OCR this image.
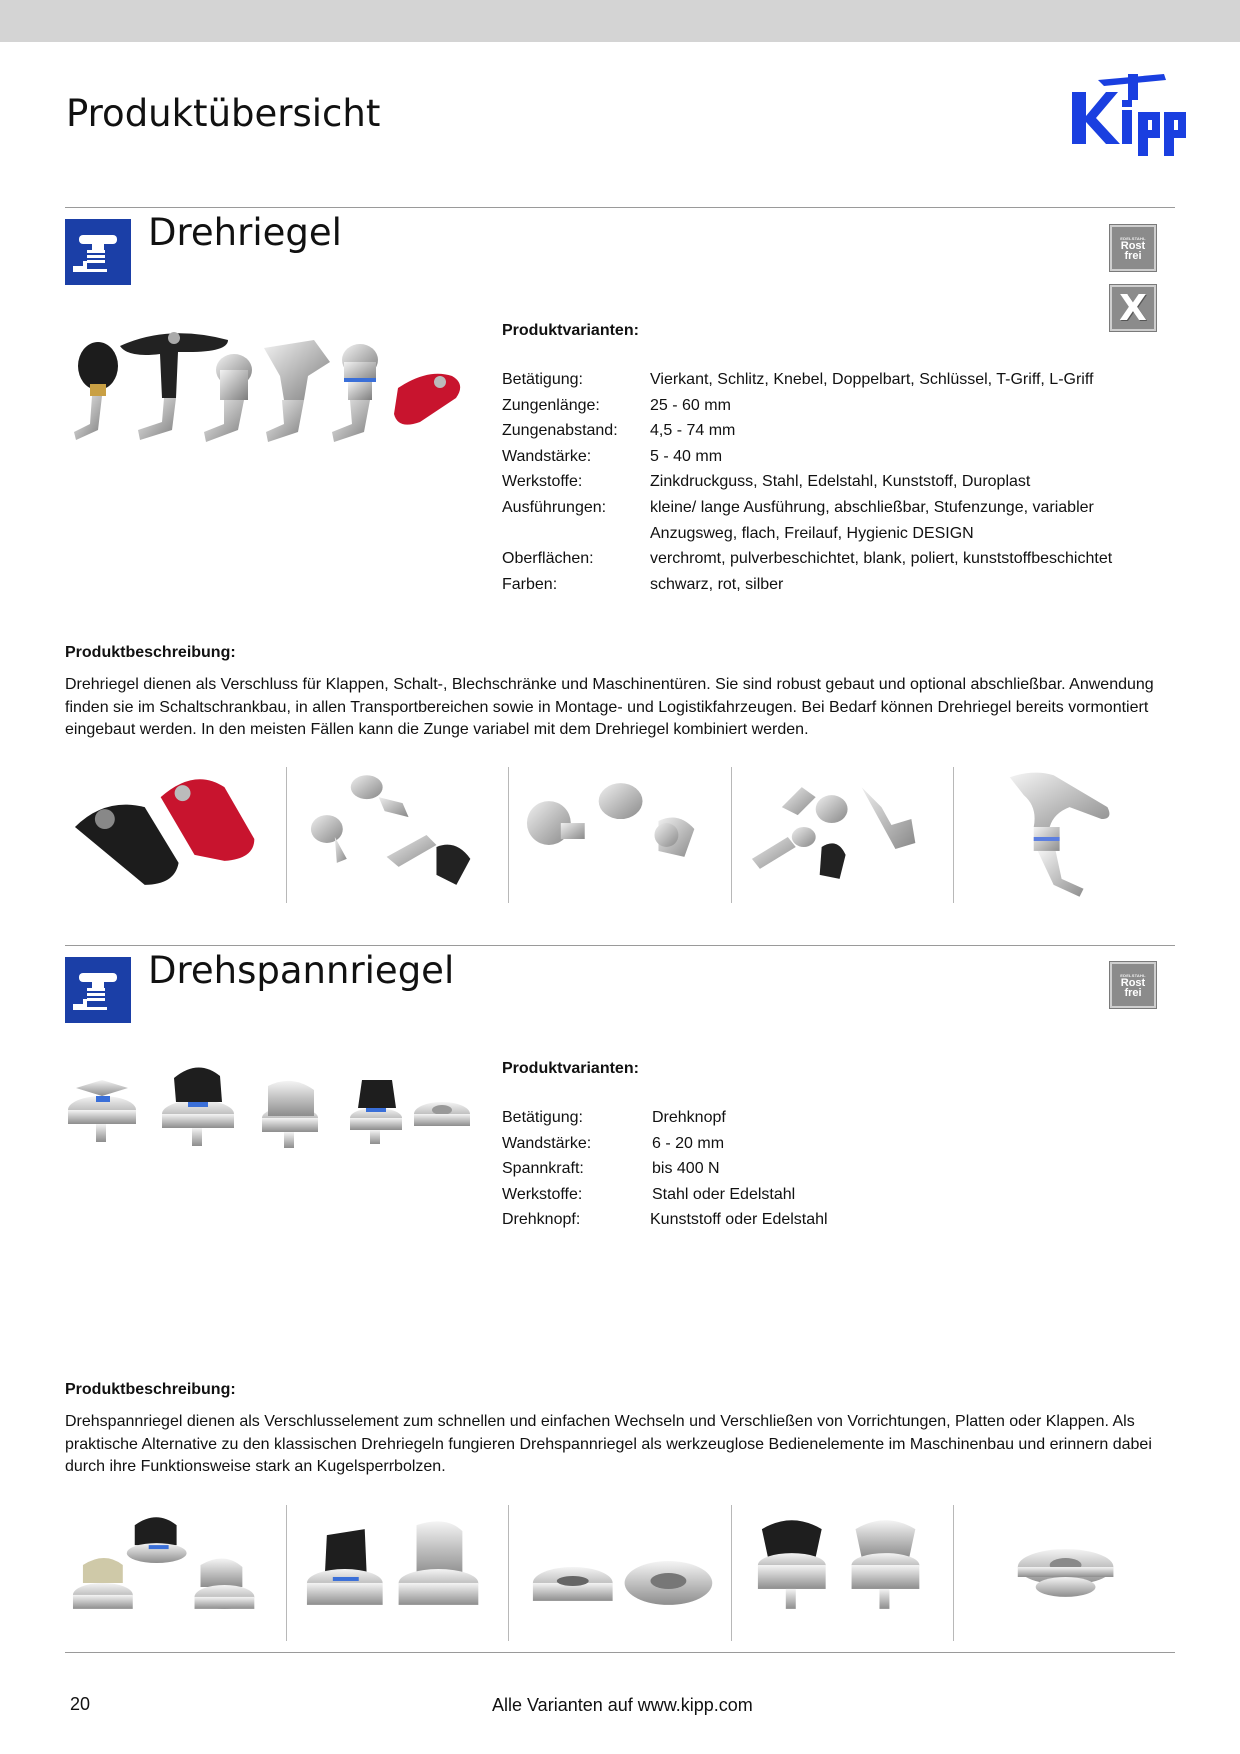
Produktübersicht
Drehriegel	EDELSTAHL
Rost
frei
X
Produktvarianten:
Betätigung:	Vierkant, Schlitz, Knebel, Doppelbart, Schlüssel, T-Griff, L-Griff
Zungenlänge:	25 - 60 mm
Zungenabstand:	4,5 - 74 mm
Wandstärke:	5 - 40 mm
Werkstoffe:	Zinkdruckguss, Stahl, Edelstahl, Kunststoff, Duroplast
Ausführungen:	kleine/ lange Ausführung, abschließbar, Stufenzunge, variabler
Anzugsweg, flach, Freilauf, Hygienic DESIGN
Oberflächen:	verchromt, pulverbeschichtet, blank, poliert, kunststoffbeschichtet
Farben:	schwarz, rot, silber
Produktbeschreibung:

Drehriegel dienen als Verschluss für Klappen, Schalt-, Blechschränke und Maschinentüren. Sie sind robust gebaut und optional abschließbar. Anwendung finden sie im Schaltschrankbau, in allen Transportbereichen sowie in Montage- und Logistikfahrzeugen. Bei Bedarf können Drehriegel bereits vormontiert eingebaut werden. In den meisten Fällen kann die Zunge variabel mit dem Drehriegel kombiniert werden.

Drehspannriegel	EDELSTAHL
Rost
frei
Produktvarianten:
Betätigung:	Drehknopf
Wandstärke:	6 - 20 mm
Spannkraft:	bis 400 N
Werkstoffe:	Stahl oder Edelstahl
Drehknopf:	Kunststoff oder Edelstahl
Produktbeschreibung:

Drehspannriegel dienen als Verschlusselement zum schnellen und einfachen Wechseln und Verschließen von Vorrichtungen, Platten oder Klappen. Als praktische Alternative zu den klassischen Drehriegeln fungieren Drehspannriegel als werkzeuglose Bedienelemente im Maschinenbau und erinnern dabei durch ihre Funktionsweise stark an Kugelsperrbolzen.

20	Alle Varianten auf www.kipp.com
